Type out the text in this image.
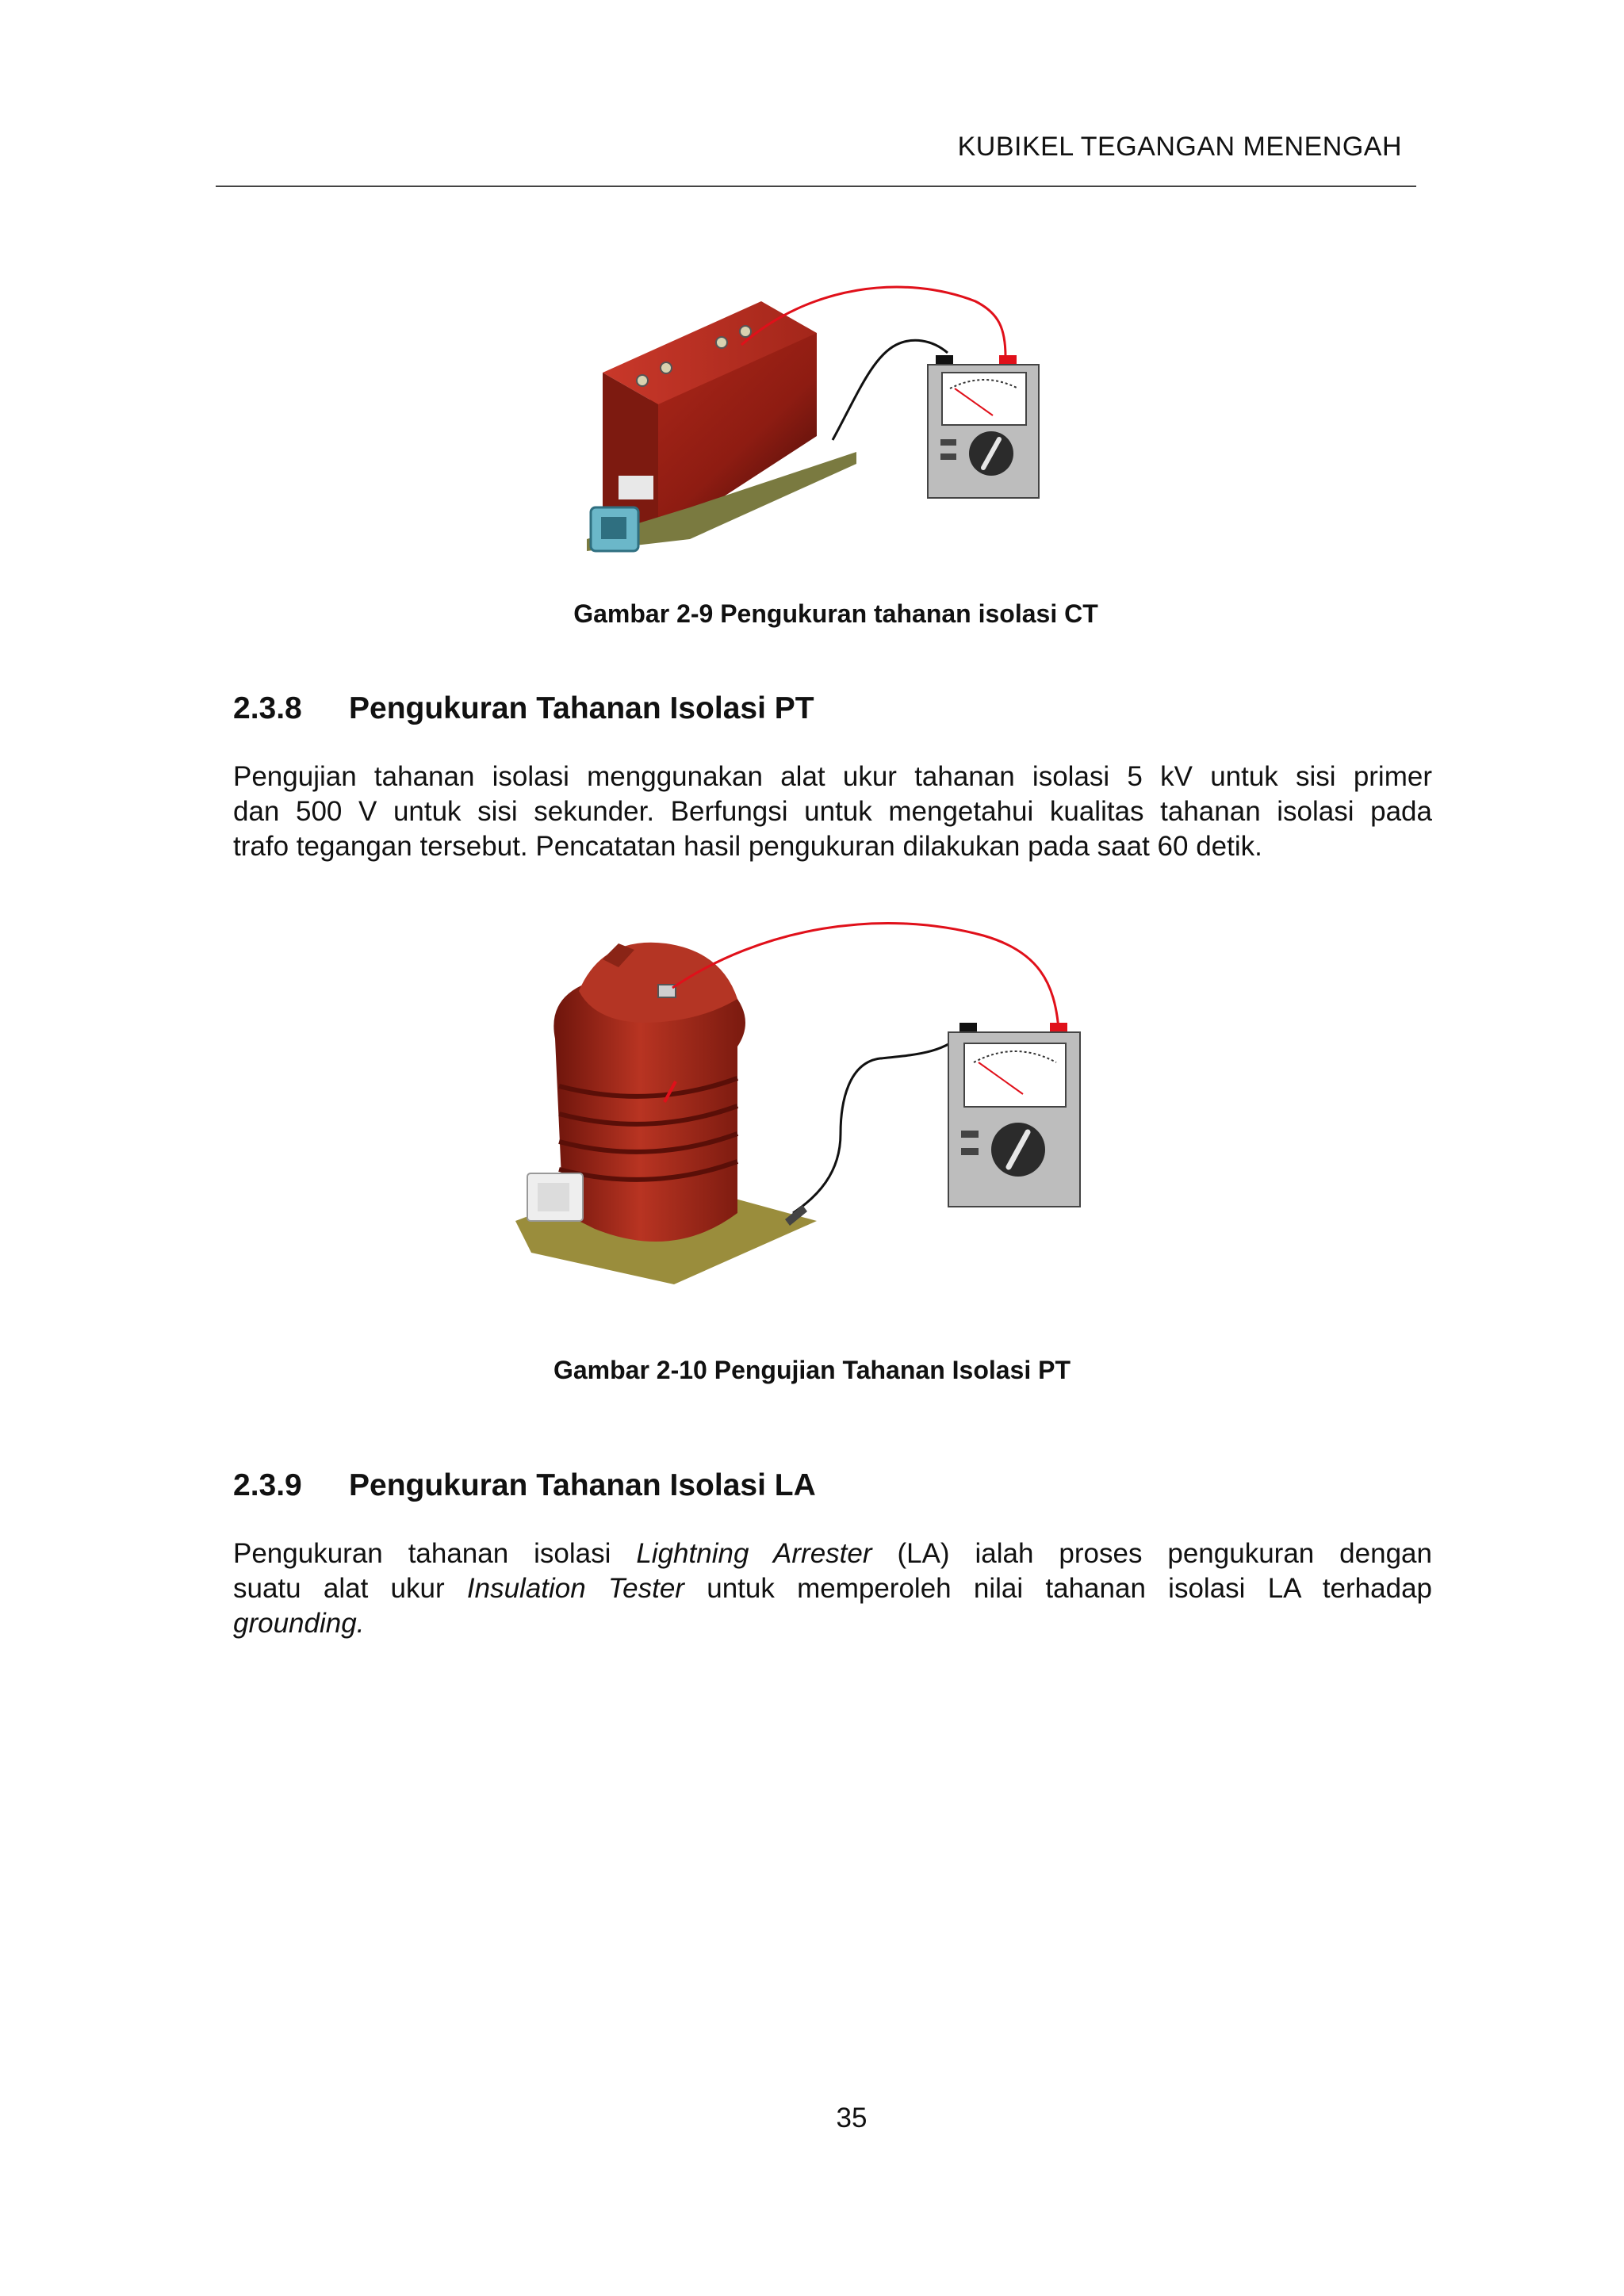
KUBIKEL TEGANGAN MENENGAH
Gambar 2-9 Pengukuran tahanan isolasi CT
2.3.8 Pengukuran Tahanan Isolasi PT
Pengujian tahanan isolasi menggunakan alat ukur tahanan isolasi 5 kV untuk sisi primer
dan 500 V untuk sisi sekunder. Berfungsi untuk mengetahui kualitas tahanan isolasi pada
trafo tegangan tersebut. Pencatatan hasil pengukuran dilakukan pada saat 60 detik.
Gambar 2-10 Pengujian Tahanan Isolasi PT
2.3.9 Pengukuran Tahanan Isolasi LA
Pengukuran tahanan isolasi Lightning Arrester (LA) ialah proses pengukuran dengan
suatu alat ukur Insulation Tester untuk memperoleh nilai tahanan isolasi LA terhadap
grounding.
35
